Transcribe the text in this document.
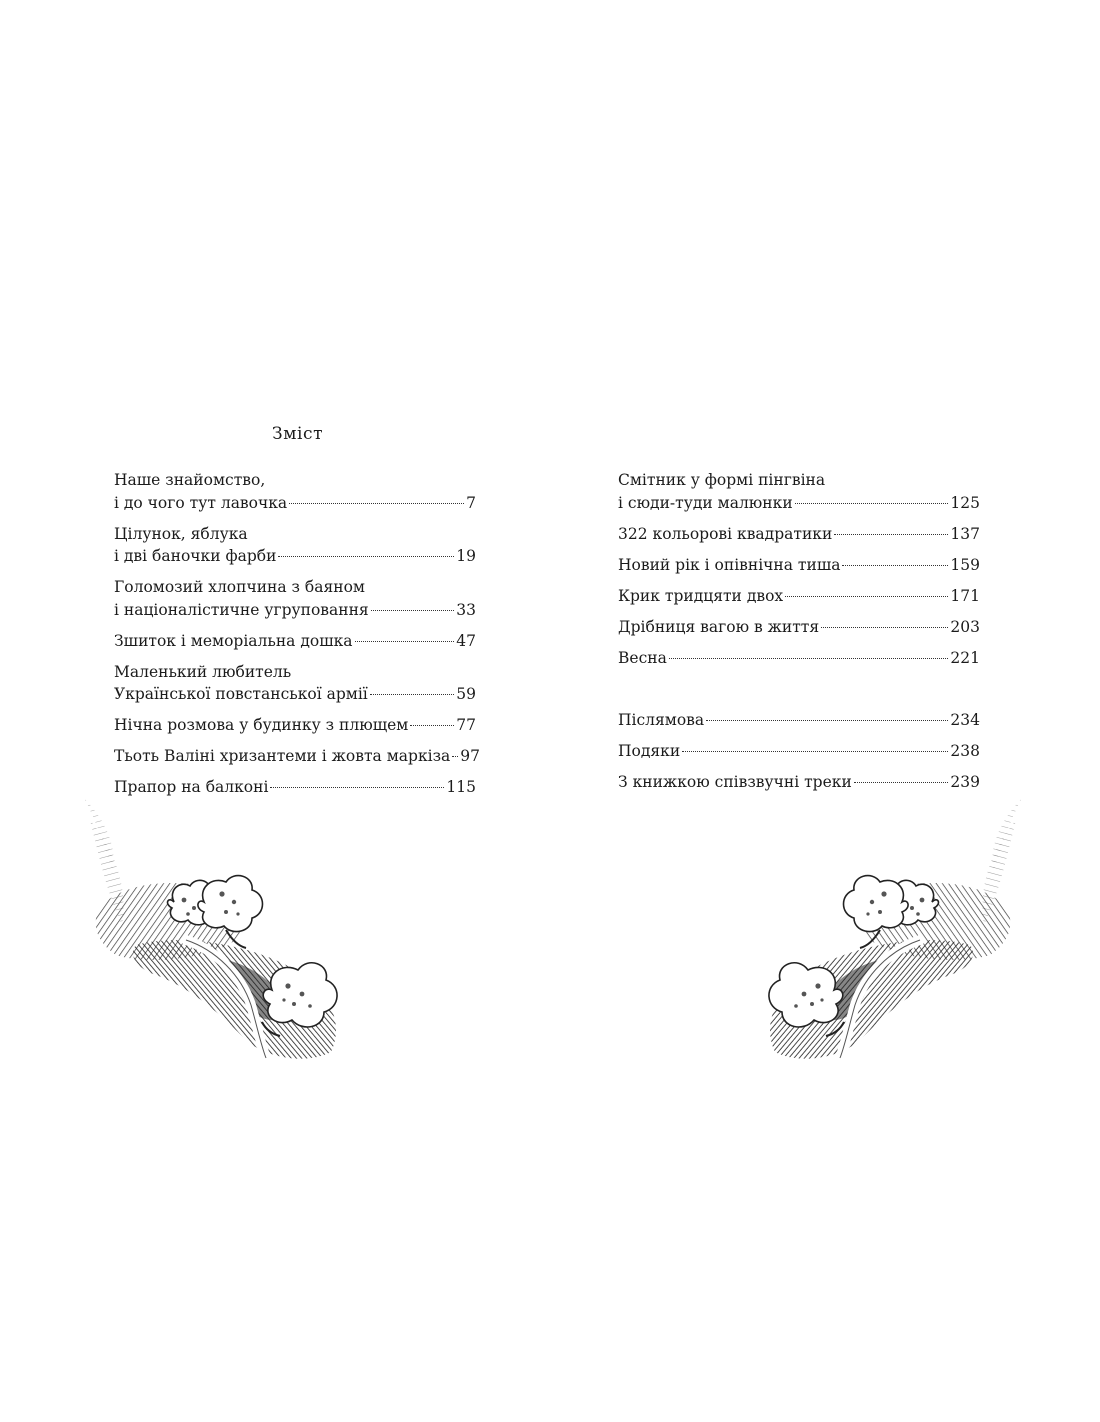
Зміст
Наше знайомство,
і до чого тут лавочка	7
Цілунок, яблука
і дві баночки фарби	19
Голомозий хлопчина з баяном
і націоналістичне угруповання	33
Зшиток і меморіальна дошка	47
Маленький любитель
Української повстанської армії	59
Нічна розмова у будинку з плющем	77
Тьоть Валіні хризантеми і жовта маркіза 97
Прапор на балконі	115
Смітник у формі пінгвіна
і сюди-туди малюнки	125
322 кольорові квадратики	137
Новий рік і опівнічна тиша	159
Крик тридцяти двох	171
Дрібниця вагою в життя	203
Весна	221
Післямова	234
Подяки	238
З книжкою співзвучні треки	239
